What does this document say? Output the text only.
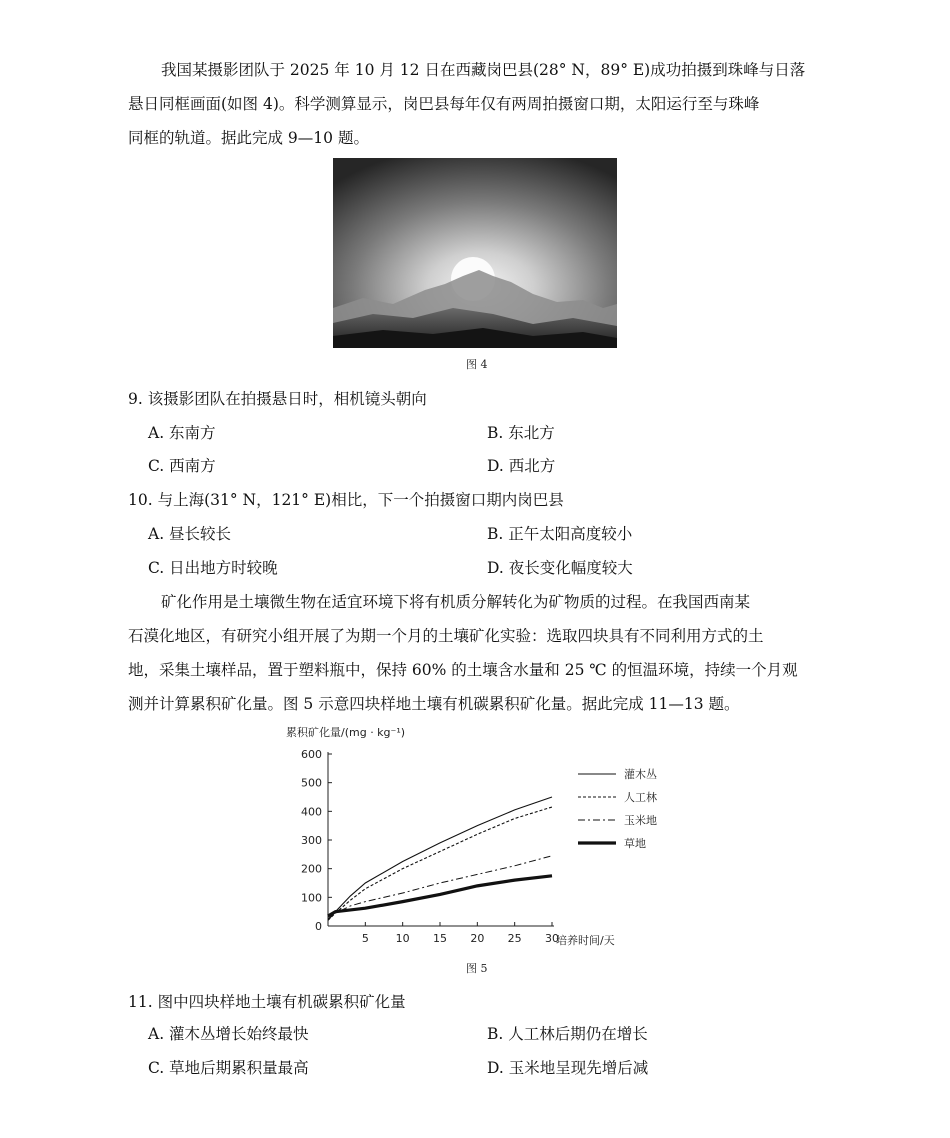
我国某摄影团队于 2025 年 10 月 12 日在西藏岗巴县(28° N，89° E)成功拍摄到珠峰与日落
悬日同框画面(如图 4)。科学测算显示，岗巴县每年仅有两周拍摄窗口期，太阳运行至与珠峰
同框的轨道。据此完成 9—10 题。
图 4
9. 该摄影团队在拍摄悬日时，相机镜头朝向
A. 东南方	B. 东北方
C. 西南方	D. 西北方
10. 与上海(31° N，121° E)相比，下一个拍摄窗口期内岗巴县
A. 昼长较长	B. 正午太阳高度较小
C. 日出地方时较晚	D. 夜长变化幅度较大
矿化作用是土壤微生物在适宜环境下将有机质分解转化为矿物质的过程。在我国西南某
石漠化地区，有研究小组开展了为期一个月的土壤矿化实验：选取四块具有不同利用方式的土
地，采集土壤样品，置于塑料瓶中，保持 60% 的土壤含水量和 25 ℃ 的恒温环境，持续一个月观
测并计算累积矿化量。图 5 示意四块样地土壤有机碳累积矿化量。据此完成 11—13 题。
累积矿化量/(mg · kg⁻¹)
0
100
200
300
400
500
600
5 10 15 20 25 30
培养时间/天
灌木丛
人工林
玉米地
草地
图 5
11. 图中四块样地土壤有机碳累积矿化量
A. 灌木丛增长始终最快	B. 人工林后期仍在增长
C. 草地后期累积量最高	D. 玉米地呈现先增后减
